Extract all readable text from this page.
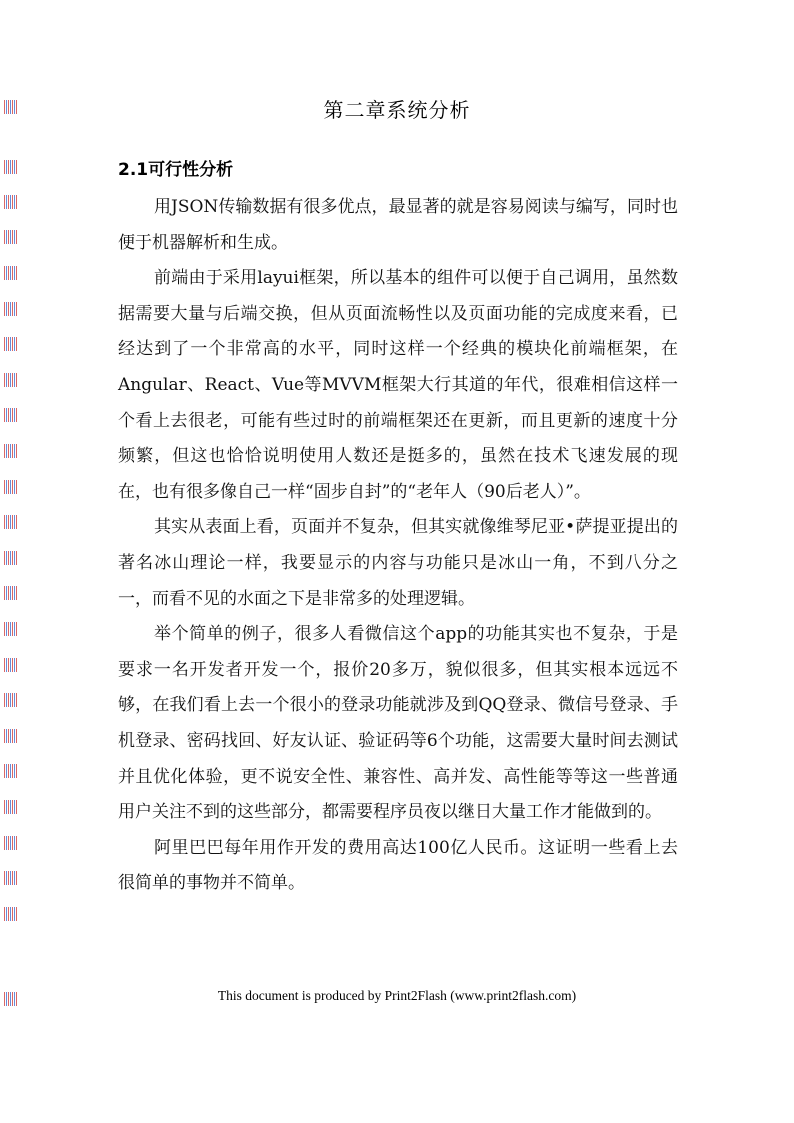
第二章系统分析
2.1可行性分析

用JSON传输数据有很多优点，最显著的就是容易阅读与编写，同时也便于机器解析和生成。

前端由于采用layui框架，所以基本的组件可以便于自己调用，虽然数据需要大量与后端交换，但从页面流畅性以及页面功能的完成度来看，已经达到了一个非常高的水平，同时这样一个经典的模块化前端框架，在Angular、React、Vue等MVVM框架大行其道的年代，很难相信这样一个看上去很老，可能有些过时的前端框架还在更新，而且更新的速度十分频繁，但这也恰恰说明使用人数还是挺多的，虽然在技术飞速发展的现在，也有很多像自己一样“固步自封”的“老年人（90后老人）”。

其实从表面上看，页面并不复杂，但其实就像维琴尼亚•萨提亚提出的著名冰山理论一样，我要显示的内容与功能只是冰山一角，不到八分之一，而看不见的水面之下是非常多的处理逻辑。

举个简单的例子，很多人看微信这个app的功能其实也不复杂，于是要求一名开发者开发一个，报价20多万，貌似很多，但其实根本远远不够，在我们看上去一个很小的登录功能就涉及到QQ登录、微信号登录、手机登录、密码找回、好友认证、验证码等6个功能，这需要大量时间去测试并且优化体验，更不说安全性、兼容性、高并发、高性能等等这一些普通用户关注不到的这些部分，都需要程序员夜以继日大量工作才能做到的。

阿里巴巴每年用作开发的费用高达100亿人民币。这证明一些看上去很简单的事物并不简单。

This document is produced by Print2Flash (www.print2flash.com)
